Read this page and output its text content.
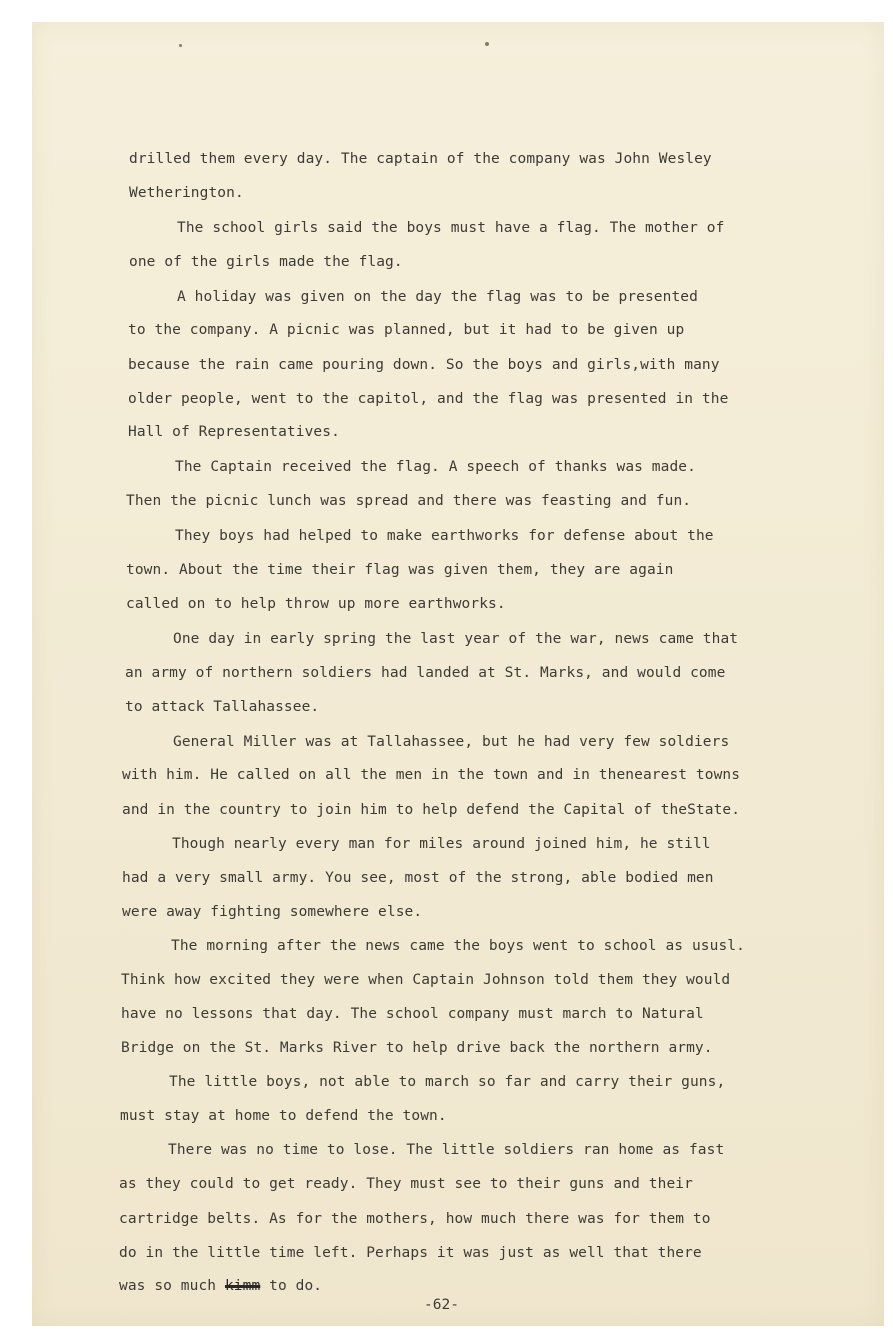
drilled them every day. The captain of the company was John Wesley

Wetherington.

The school girls said the boys must have a flag. The mother of

one of the girls made the flag.

A holiday was given on the day the flag was to be presented

to the company. A picnic was planned, but it had to be given up

because the rain came pouring down. So the boys and girls,with many

older people, went to the capitol, and the flag was presented in the

Hall of Representatives.

The Captain received the flag. A speech of thanks was made.

Then the picnic lunch was spread and there was feasting and fun.

They boys had helped to make earthworks for defense about the

town. About the time their flag was given them, they are again

called on to help throw up more earthworks.

One day in early spring the last year of the war, news came that

an army of northern soldiers had landed at St. Marks, and would come

to attack Tallahassee.

General Miller was at Tallahassee, but he had very few soldiers

with him. He called on all the men in the town and in thenearest towns

and in the country to join him to help defend the Capital of theState.

Though nearly every man for miles around joined him, he still

had a very small army. You see, most of the strong, able bodied men

were away fighting somewhere else.

The morning after the news came the boys went to school as ususl.

Think how excited they were when Captain Johnson told them they would

have no lessons that day. The school company must march to Natural

Bridge on the St. Marks River to help drive back the northern army.

The little boys, not able to march so far and carry their guns,

must stay at home to defend the town.

There was no time to lose. The little soldiers ran home as fast

as they could to get ready. They must see to their guns and their

cartridge belts. As for the mothers, how much there was for them to

do in the little time left. Perhaps it was just as well that there

was so much kimm to do.

-62-
